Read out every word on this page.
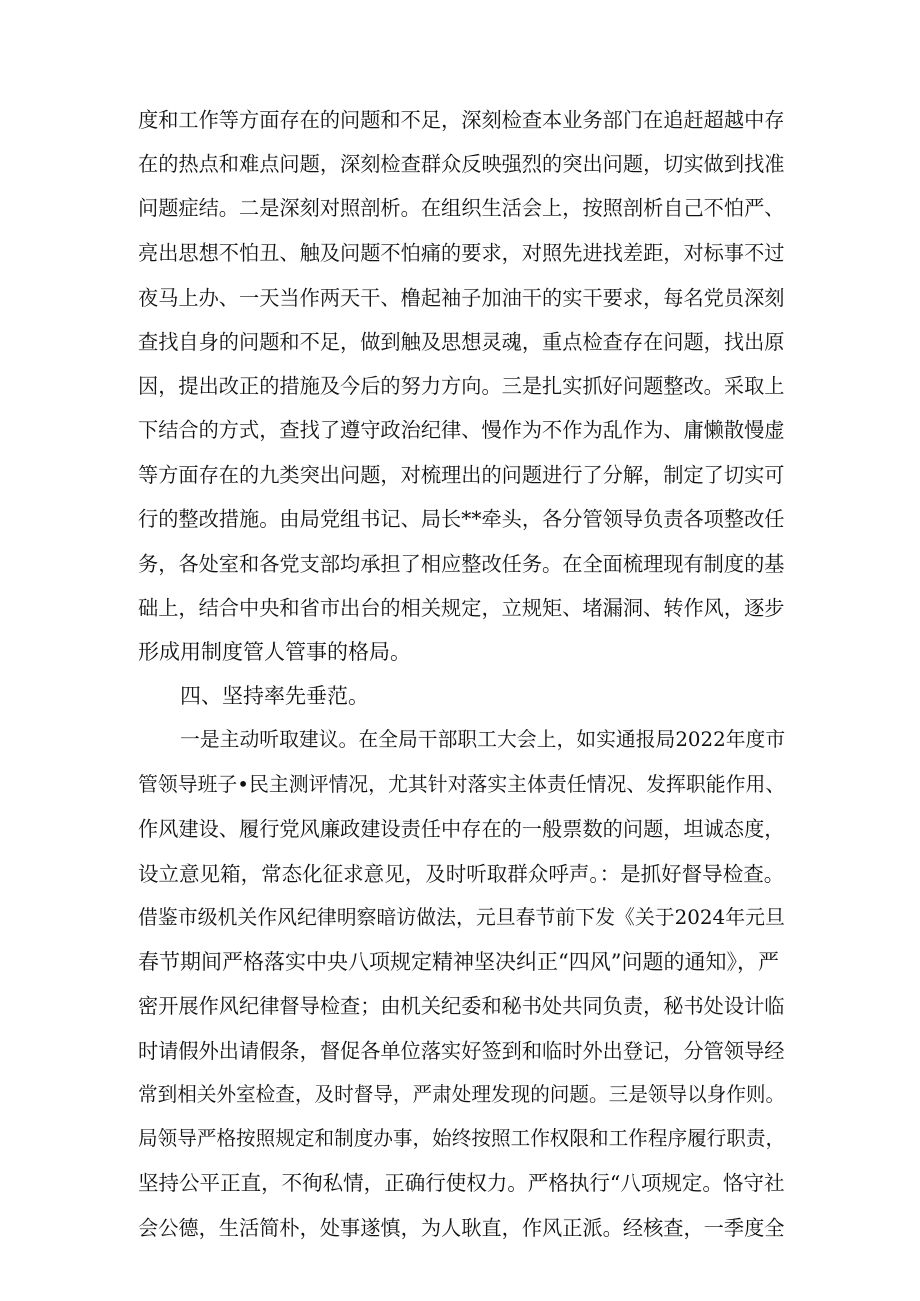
度和工作等方面存在的问题和不足，深刻检查本业务部门在追赶超越中存

在的热点和难点问题，深刻检查群众反映强烈的突出问题，切实做到找准

问题症结。二是深刻对照剖析。在组织生活会上，按照剖析自己不怕严、

亮出思想不怕丑、触及问题不怕痛的要求，对照先进找差距，对标事不过

夜马上办、一天当作两天干、橹起袖子加油干的实干要求，每名党员深刻

查找自身的问题和不足，做到触及思想灵魂，重点检查存在问题，找出原

因，提出改正的措施及今后的努力方向。三是扎实抓好问题整改。采取上

下结合的方式，查找了遵守政治纪律、慢作为不作为乱作为、庸懒散慢虚

等方面存在的九类突出问题，对梳理出的问题进行了分解，制定了切实可

行的整改措施。由局党组书记、局长**牵头，各分管领导负责各项整改任

务，各处室和各党支部均承担了相应整改任务。在全面梳理现有制度的基

础上，结合中央和省市出台的相关规定，立规矩、堵漏洞、转作风，逐步

形成用制度管人管事的格局。

四、坚持率先垂范。

一是主动听取建议。在全局干部职工大会上，如实通报局2022年度市

管领导班子•民主测评情况，尤其针对落实主体责任情况、发挥职能作用、

作风建设、履行党风廉政建设责任中存在的一般票数的问题，坦诚态度，

设立意见箱，常态化征求意见，及时听取群众呼声。：是抓好督导检查。

借鉴市级机关作风纪律明察暗访做法，元旦春节前下发《关于2024年元旦

春节期间严格落实中央八项规定精神坚决纠正“四风”问题的通知》，严

密开展作风纪律督导检查；由机关纪委和秘书处共同负责，秘书处设计临

时请假外出请假条，督促各单位落实好签到和临时外出登记，分管领导经

常到相关外室检查，及时督导，严肃处理发现的问题。三是领导以身作则。

局领导严格按照规定和制度办事，始终按照工作权限和工作程序履行职责，

坚持公平正直，不徇私情，正确行使权力。严格执行“八项规定。恪守社

会公德，生活简朴，处事遂慎，为人耿直，作风正派。经核查，一季度全
